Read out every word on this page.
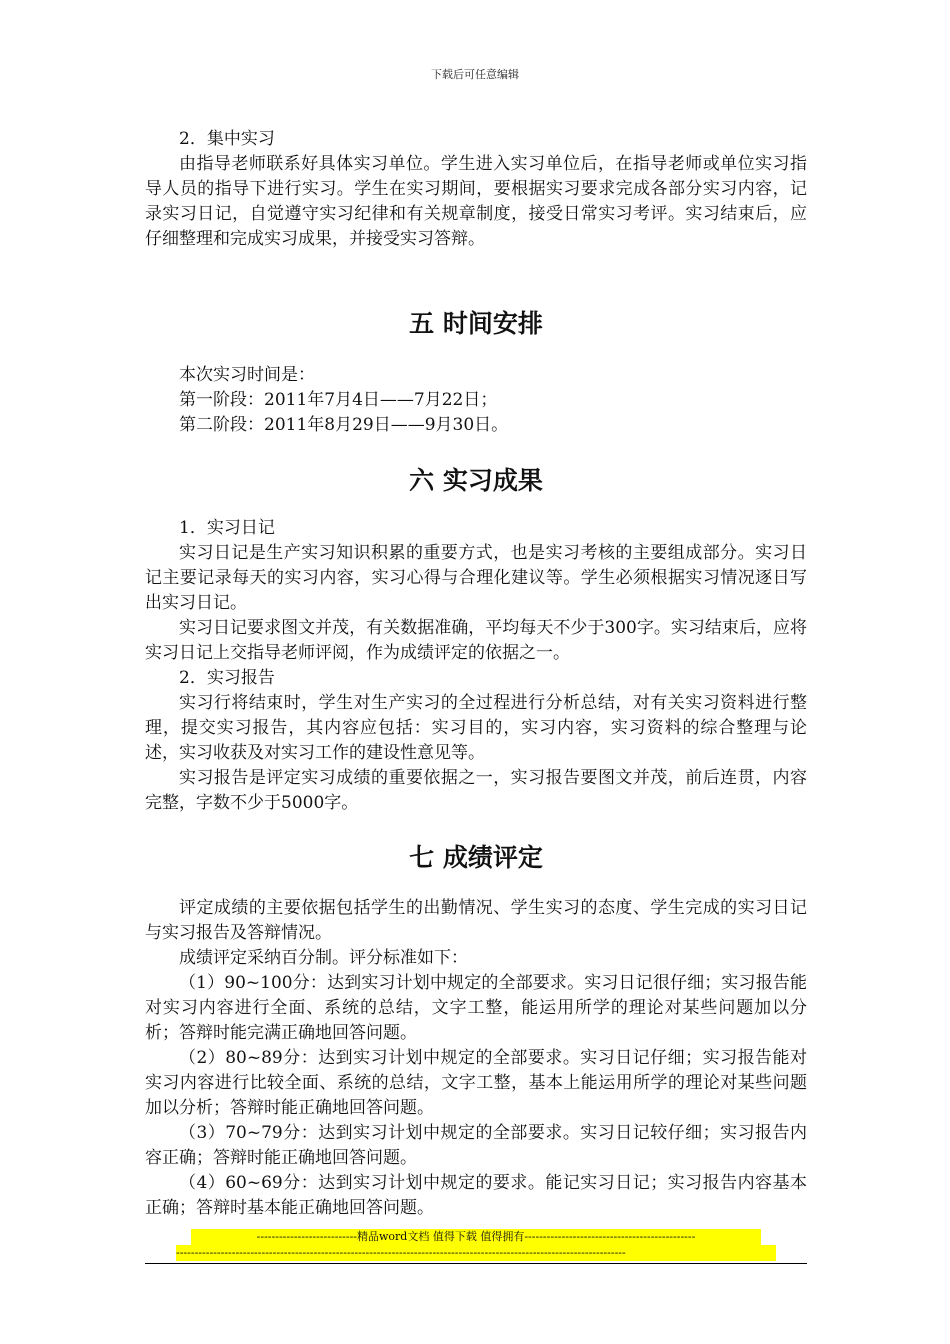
下载后可任意编辑

2．集中实习

由指导老师联系好具体实习单位。学生进入实习单位后，在指导老师或单位实习指导人员的指导下进行实习。学生在实习期间，要根据实习要求完成各部分实习内容，记录实习日记，自觉遵守实习纪律和有关规章制度，接受日常实习考评。实习结束后，应仔细整理和完成实习成果，并接受实习答辩。

五 时间安排

本次实习时间是：

第一阶段：2011年7月4日——7月22日；

第二阶段：2011年8月29日——9月30日。

六 实习成果

1．实习日记

实习日记是生产实习知识积累的重要方式，也是实习考核的主要组成部分。实习日记主要记录每天的实习内容，实习心得与合理化建议等。学生必须根据实习情况逐日写出实习日记。

实习日记要求图文并茂，有关数据准确，平均每天不少于300字。实习结束后，应将实习日记上交指导老师评阅，作为成绩评定的依据之一。

2．实习报告

实习行将结束时，学生对生产实习的全过程进行分析总结，对有关实习资料进行整理，提交实习报告，其内容应包括：实习目的，实习内容，实习资料的综合整理与论述，实习收获及对实习工作的建设性意见等。

实习报告是评定实习成绩的重要依据之一，实习报告要图文并茂，前后连贯，内容完整，字数不少于5000字。

七 成绩评定

评定成绩的主要依据包括学生的出勤情况、学生实习的态度、学生完成的实习日记与实习报告及答辩情况。

成绩评定采纳百分制。评分标准如下：

（1）90~100分：达到实习计划中规定的全部要求。实习日记很仔细；实习报告能对实习内容进行全面、系统的总结，文字工整，能运用所学的理论对某些问题加以分析；答辩时能完满正确地回答问题。

（2）80~89分：达到实习计划中规定的全部要求。实习日记仔细；实习报告能对实习内容进行比较全面、系统的总结，文字工整，基本上能运用所学的理论对某些问题加以分析；答辩时能正确地回答问题。

（3）70~79分：达到实习计划中规定的全部要求。实习日记较仔细；实习报告内容正确；答辩时能正确地回答问题。

（4）60~69分：达到实习计划中规定的要求。能记实习日记；实习报告内容基本正确；答辩时基本能正确地回答问题。

---------------------------精品word文档 值得下载 值得拥有----------------------------------------------
-------------------------------------------------------------------------------------------------------------------------
